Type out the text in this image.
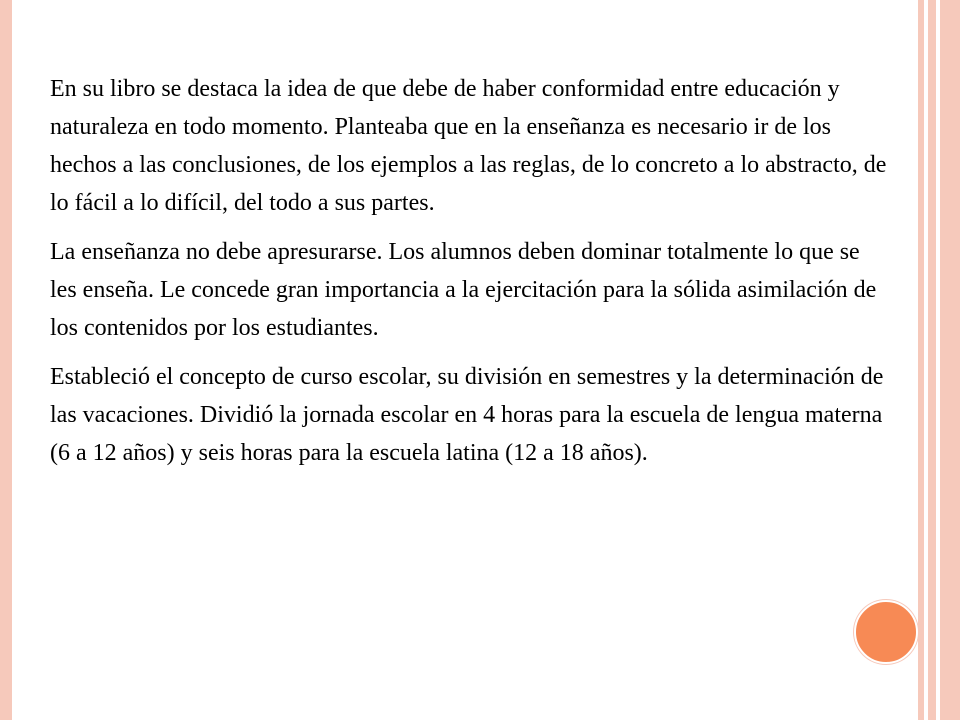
En su libro se destaca la idea de que debe de haber conformidad entre educación y naturaleza en todo momento. Planteaba que en la enseñanza es necesario ir de los hechos a las conclusiones, de los ejemplos a las reglas, de lo concreto a lo abstracto, de lo fácil a lo difícil, del todo a sus partes.

La enseñanza no debe apresurarse. Los alumnos deben dominar totalmente lo que se les enseña. Le concede gran importancia a la ejercitación para la sólida asimilación de los contenidos por los estudiantes.

Estableció el concepto de curso escolar, su división en semestres y la determinación de las vacaciones. Dividió la jornada escolar en 4 horas para la escuela de lengua materna (6 a 12 años) y seis horas para la escuela latina (12 a 18 años).
